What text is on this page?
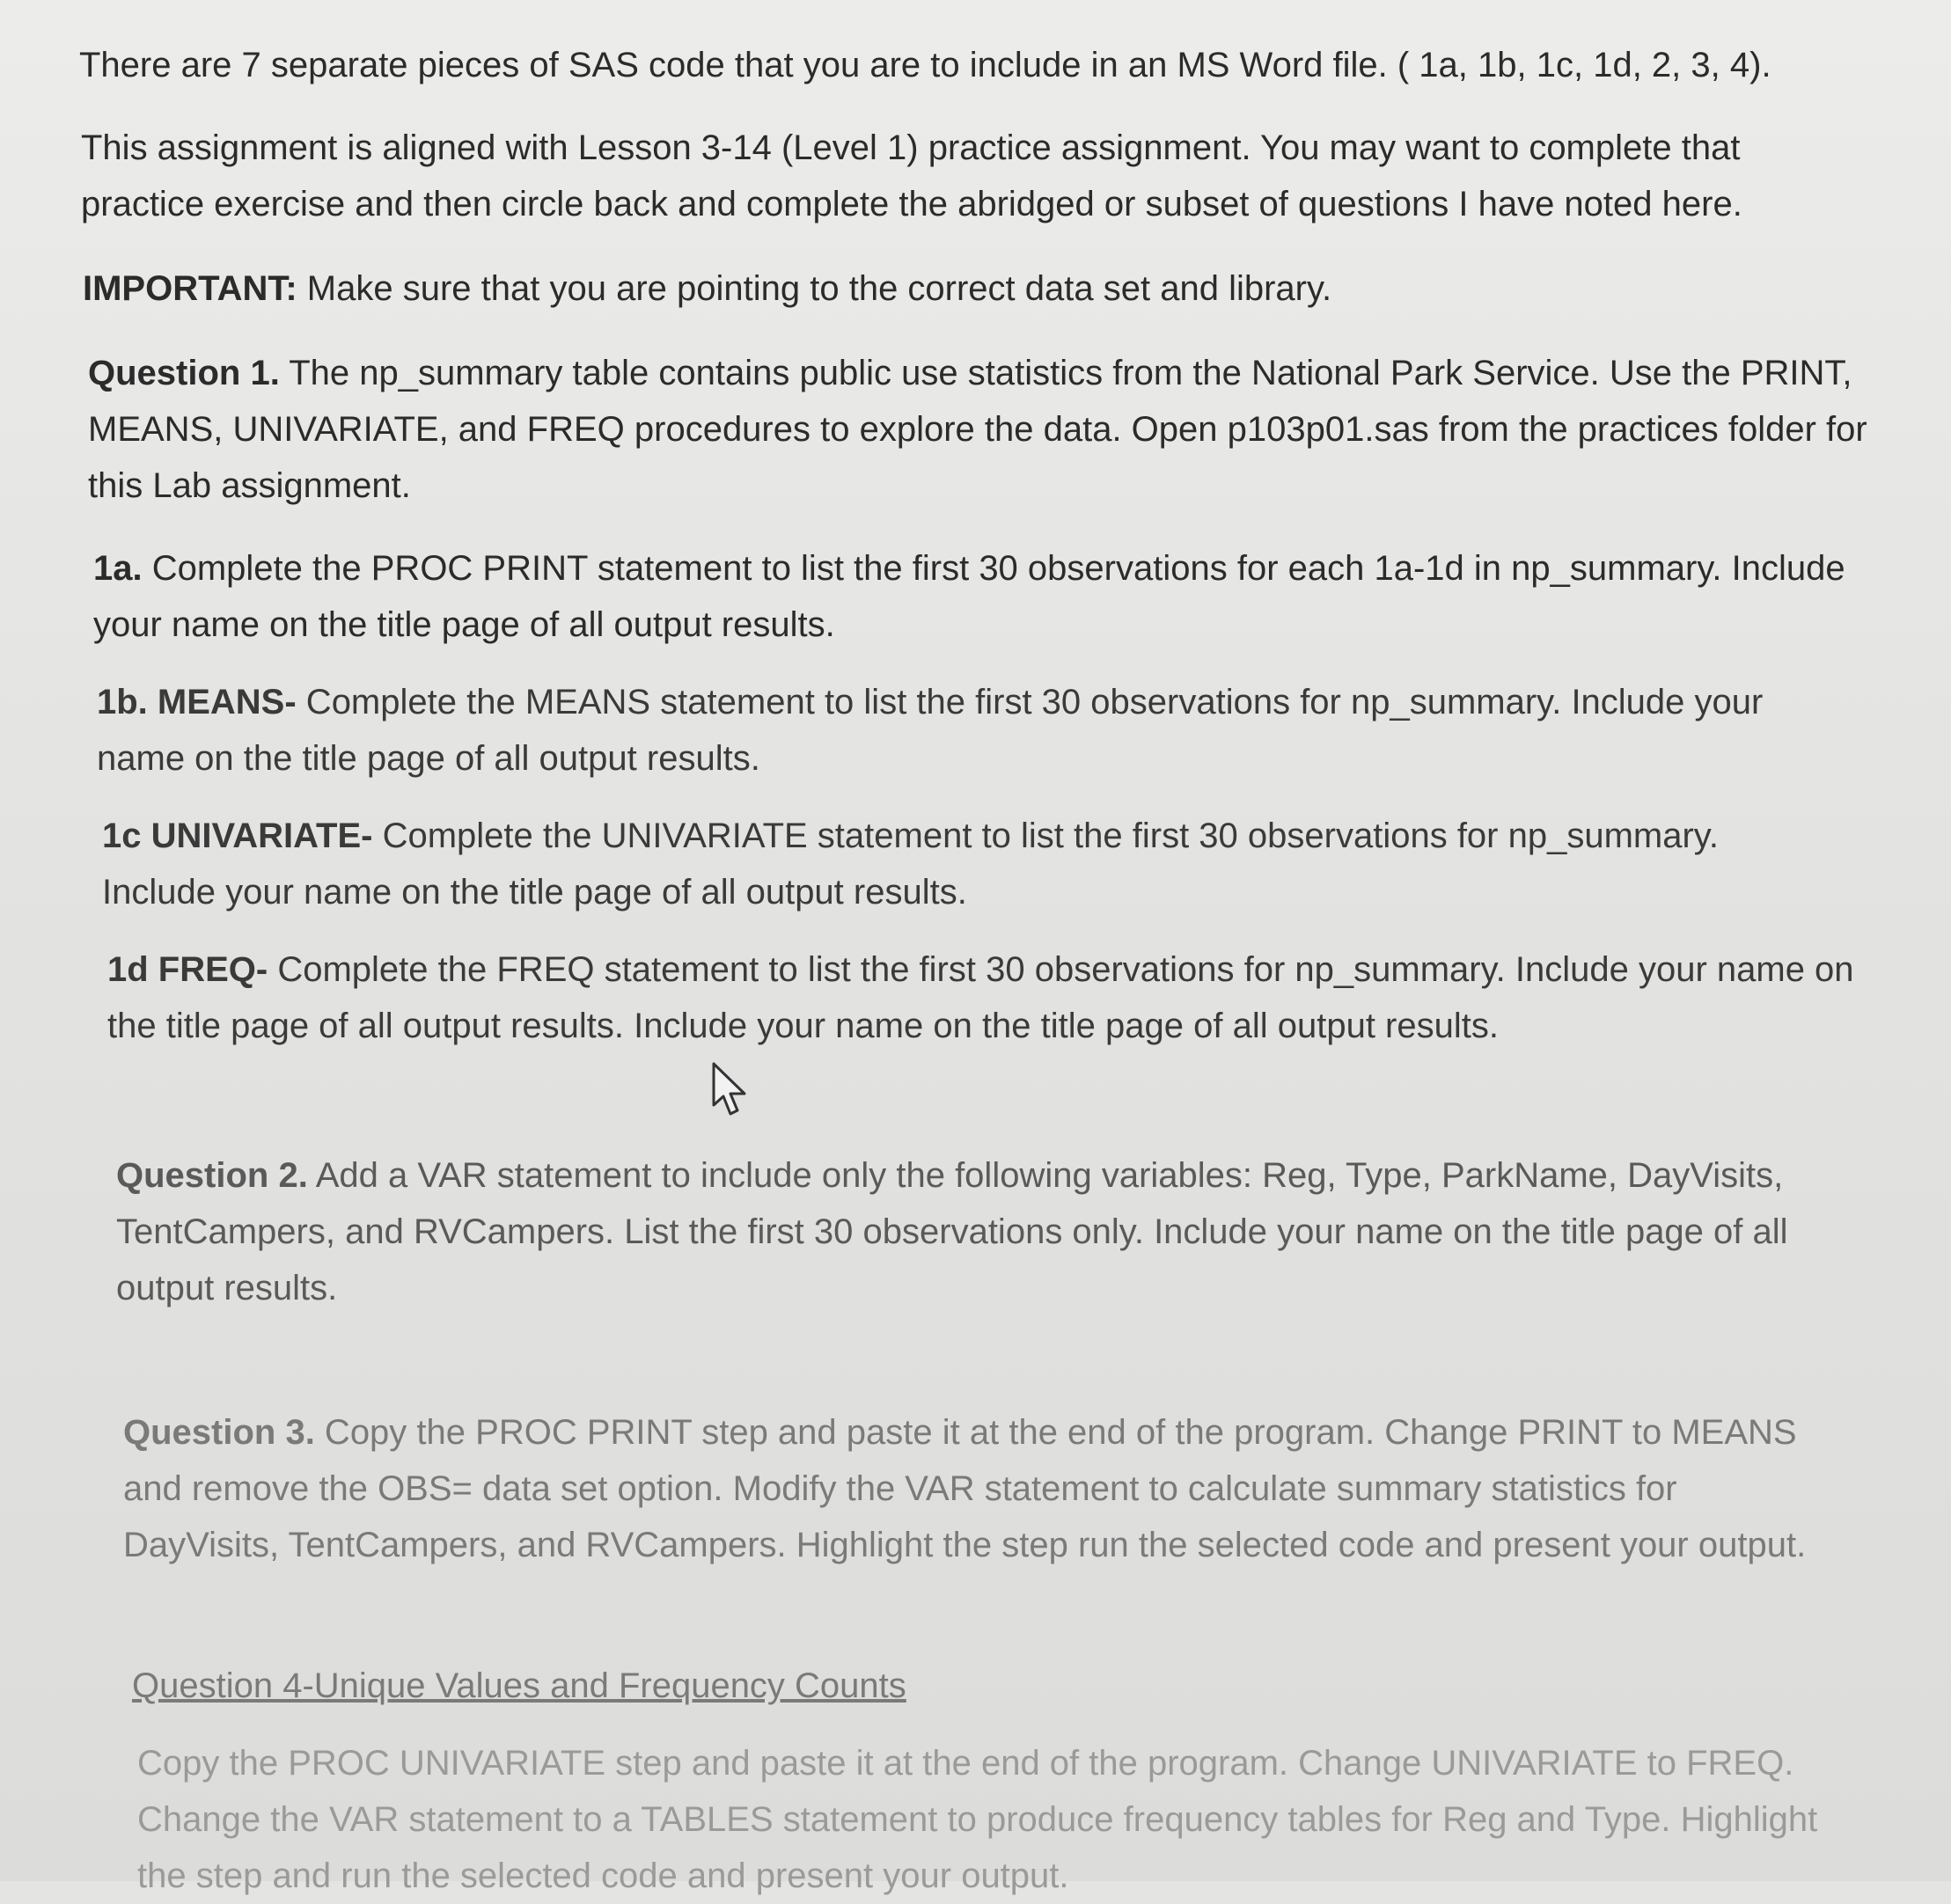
There are 7 separate pieces of SAS code that you are to include in an MS Word file. ( 1a, 1b, 1c, 1d, 2, 3, 4).

This assignment is aligned with Lesson 3-14 (Level 1) practice assignment. You may want to complete that practice exercise and then circle back and complete the abridged or subset of questions I have noted here.

IMPORTANT: Make sure that you are pointing to the correct data set and library.

Question 1. The np_summary table contains public use statistics from the National Park Service. Use the PRINT, MEANS, UNIVARIATE, and FREQ procedures to explore the data. Open p103p01.sas from the practices folder for this Lab assignment.

1a. Complete the PROC PRINT statement to list the first 30 observations for each 1a-1d in np_summary. Include your name on the title page of all output results.

1b. MEANS- Complete the MEANS statement to list the first 30 observations for np_summary. Include your name on the title page of all output results.

1c UNIVARIATE- Complete the UNIVARIATE statement to list the first 30 observations for np_summary. Include your name on the title page of all output results.

1d FREQ- Complete the FREQ statement to list the first 30 observations for np_summary. Include your name on the title page of all output results. Include your name on the title page of all output results.

Question 2. Add a VAR statement to include only the following variables: Reg, Type, ParkName, DayVisits, TentCampers, and RVCampers. List the first 30 observations only. Include your name on the title page of all output results.

Question 3. Copy the PROC PRINT step and paste it at the end of the program. Change PRINT to MEANS and remove the OBS= data set option. Modify the VAR statement to calculate summary statistics for DayVisits, TentCampers, and RVCampers. Highlight the step run the selected code and present your output.

Question 4-Unique Values and Frequency Counts

Copy the PROC UNIVARIATE step and paste it at the end of the program. Change UNIVARIATE to FREQ. Change the VAR statement to a TABLES statement to produce frequency tables for Reg and Type. Highlight the step and run the selected code and present your output.
